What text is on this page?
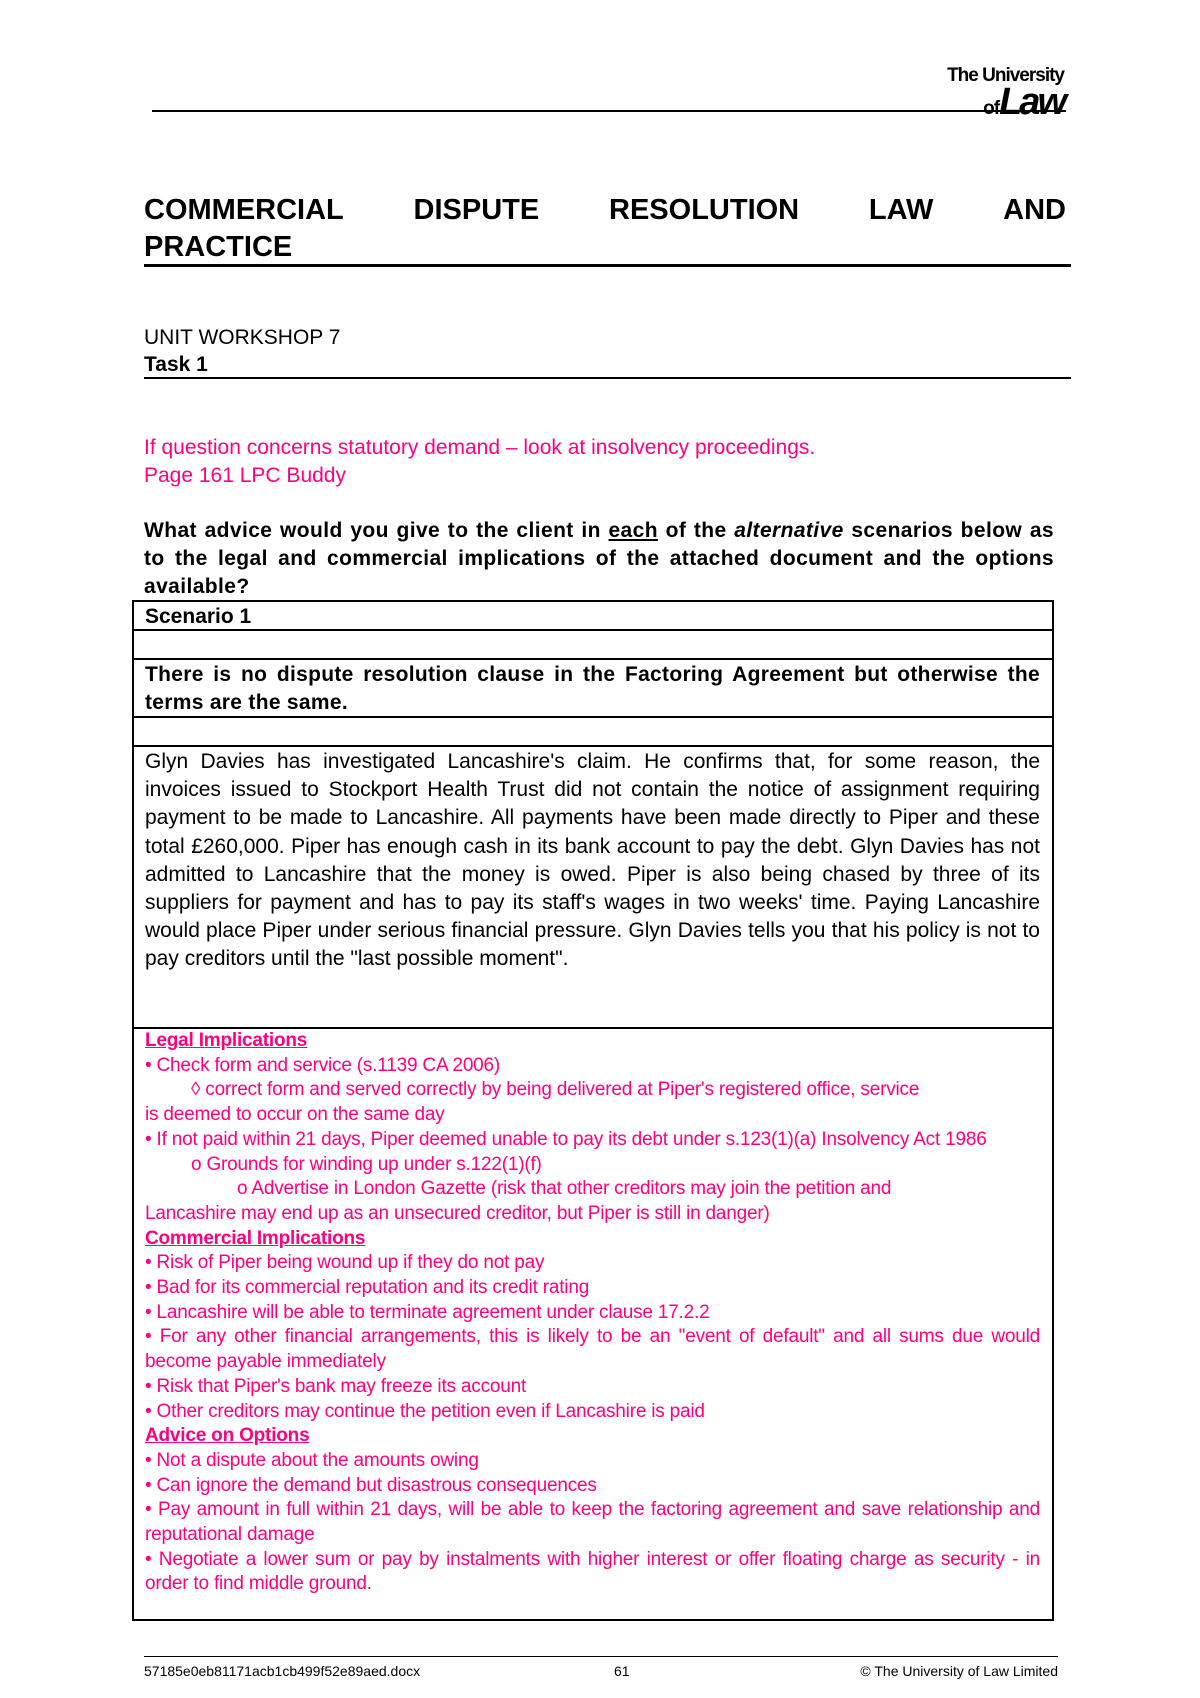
The University
ofLaw
COMMERCIAL DISPUTE RESOLUTION LAW AND
PRACTICE
UNIT WORKSHOP 7
Task 1
If question concerns statutory demand – look at insolvency proceedings.
Page 161 LPC Buddy
What advice would you give to the client in each of the alternative scenarios below as to the legal and commercial implications of the attached document and the options available?
Scenario 1
There is no dispute resolution clause in the Factoring Agreement but otherwise the terms are the same.
Glyn Davies has investigated Lancashire's claim. He confirms that, for some reason, the invoices issued to Stockport Health Trust did not contain the notice of assignment requiring payment to be made to Lancashire. All payments have been made directly to Piper and these total £260,000. Piper has enough cash in its bank account to pay the debt. Glyn Davies has not admitted to Lancashire that the money is owed. Piper is also being chased by three of its suppliers for payment and has to pay its staff's wages in two weeks' time. Paying Lancashire would place Piper under serious financial pressure. Glyn Davies tells you that his policy is not to pay creditors until the "last possible moment".
Legal Implications
• Check form and service (s.1139 CA 2006)
◊ correct form and served correctly by being delivered at Piper's registered office, service
is deemed to occur on the same day
• If not paid within 21 days, Piper deemed unable to pay its debt under s.123(1)(a) Insolvency Act 1986
o Grounds for winding up under s.122(1)(f)
o Advertise in London Gazette (risk that other creditors may join the petition and
Lancashire may end up as an unsecured creditor, but Piper is still in danger)
Commercial Implications
• Risk of Piper being wound up if they do not pay
• Bad for its commercial reputation and its credit rating
• Lancashire will be able to terminate agreement under clause 17.2.2
• For any other financial arrangements, this is likely to be an "event of default" and all sums due would become payable immediately
• Risk that Piper's bank may freeze its account
• Other creditors may continue the petition even if Lancashire is paid
Advice on Options
• Not a dispute about the amounts owing
• Can ignore the demand but disastrous consequences
• Pay amount in full within 21 days, will be able to keep the factoring agreement and save relationship and reputational damage
• Negotiate a lower sum or pay by instalments with higher interest or offer floating charge as security - in order to find middle ground.
57185e0eb81171acb1cb499f52e89aed.docx	61	© The University of Law Limited
